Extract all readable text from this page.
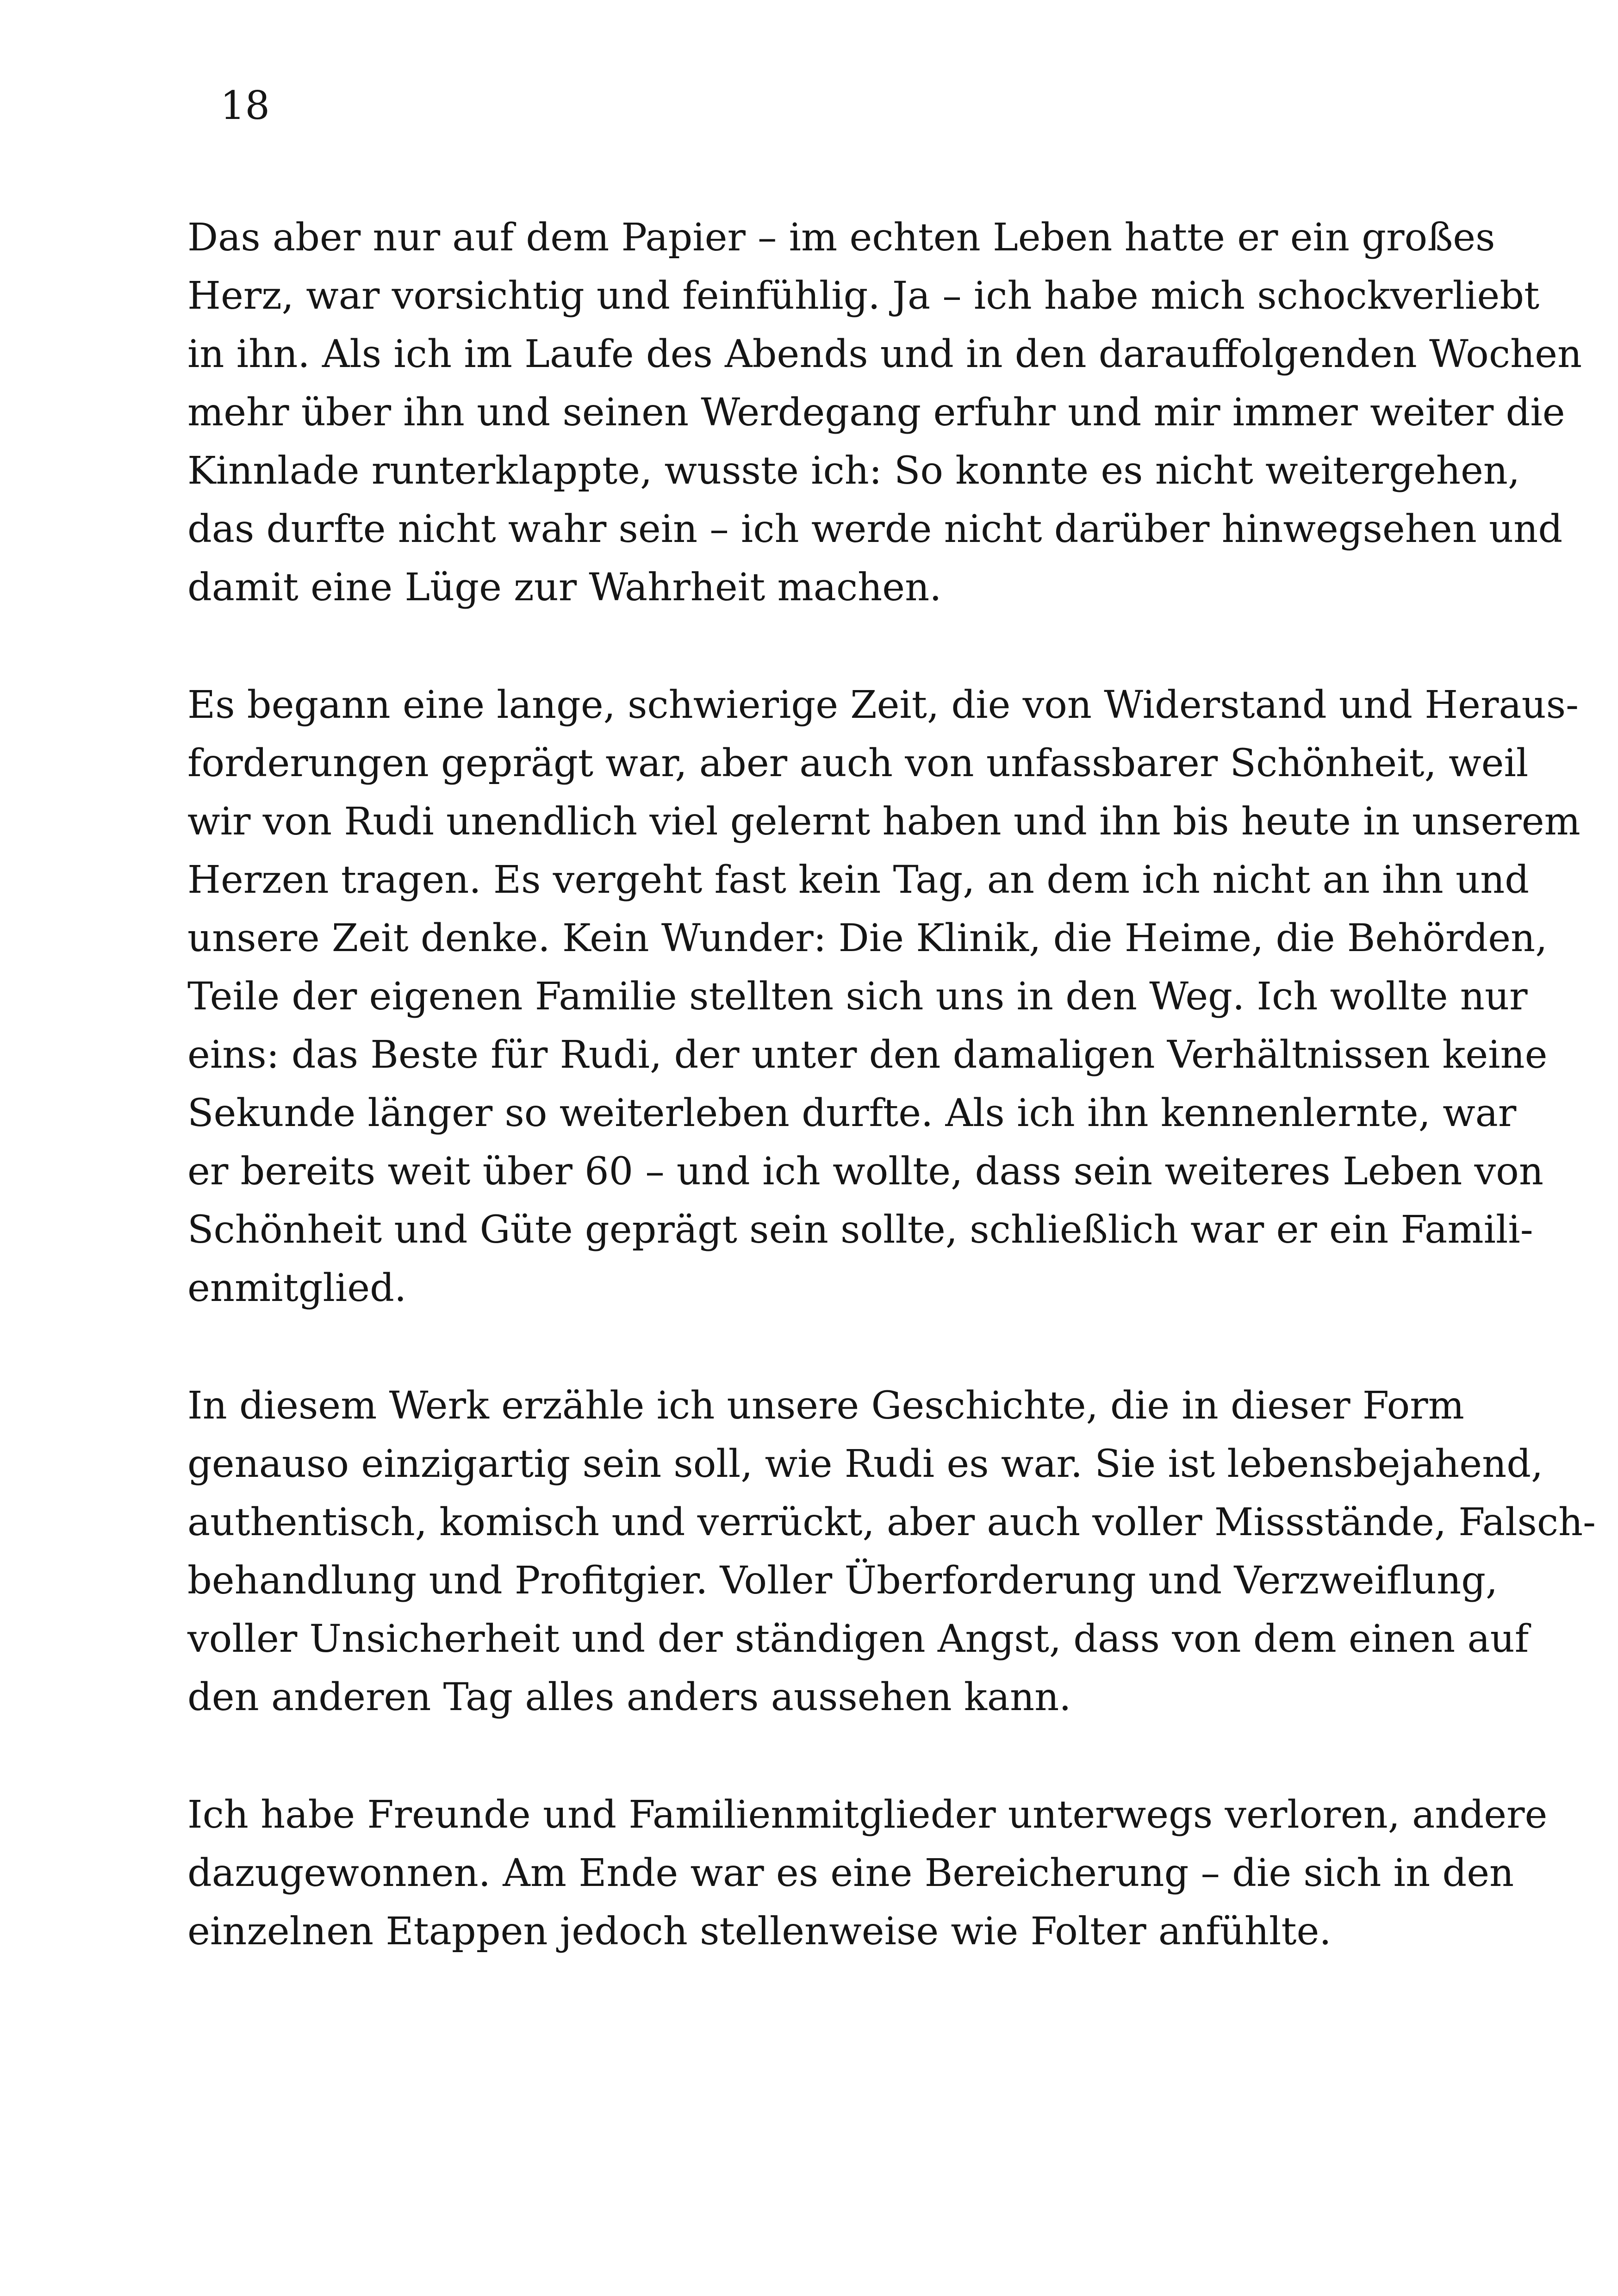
18
Das aber nur auf dem Papier – im echten Leben hatte er ein großes
Herz, war vorsichtig und feinfühlig. Ja – ich habe mich schockverliebt
in ihn. Als ich im Laufe des Abends und in den darauffolgenden Wochen
mehr über ihn und seinen Werdegang erfuhr und mir immer weiter die
Kinnlade runterklappte, wusste ich: So konnte es nicht weitergehen,
das durfte nicht wahr sein – ich werde nicht darüber hinwegsehen und
damit eine Lüge zur Wahrheit machen.
Es begann eine lange, schwierige Zeit, die von Widerstand und Heraus-
forderungen geprägt war, aber auch von unfassbarer Schönheit, weil
wir von Rudi unendlich viel gelernt haben und ihn bis heute in unserem
Herzen tragen. Es vergeht fast kein Tag, an dem ich nicht an ihn und
unsere Zeit denke. Kein Wunder: Die Klinik, die Heime, die Behörden,
Teile der eigenen Familie stellten sich uns in den Weg. Ich wollte nur
eins: das Beste für Rudi, der unter den damaligen Verhältnissen keine
Sekunde länger so weiterleben durfte. Als ich ihn kennenlernte, war
er bereits weit über 60 – und ich wollte, dass sein weiteres Leben von
Schönheit und Güte geprägt sein sollte, schließlich war er ein Famili-
enmitglied.
In diesem Werk erzähle ich unsere Geschichte, die in dieser Form
genauso einzigartig sein soll, wie Rudi es war. Sie ist lebensbejahend,
authentisch, komisch und verrückt, aber auch voller Missstände, Falsch-
behandlung und Profitgier. Voller Überforderung und Verzweiflung,
voller Unsicherheit und der ständigen Angst, dass von dem einen auf
den anderen Tag alles anders aussehen kann.
Ich habe Freunde und Familienmitglieder unterwegs verloren, andere
dazugewonnen. Am Ende war es eine Bereicherung – die sich in den
einzelnen Etappen jedoch stellenweise wie Folter anfühlte.
